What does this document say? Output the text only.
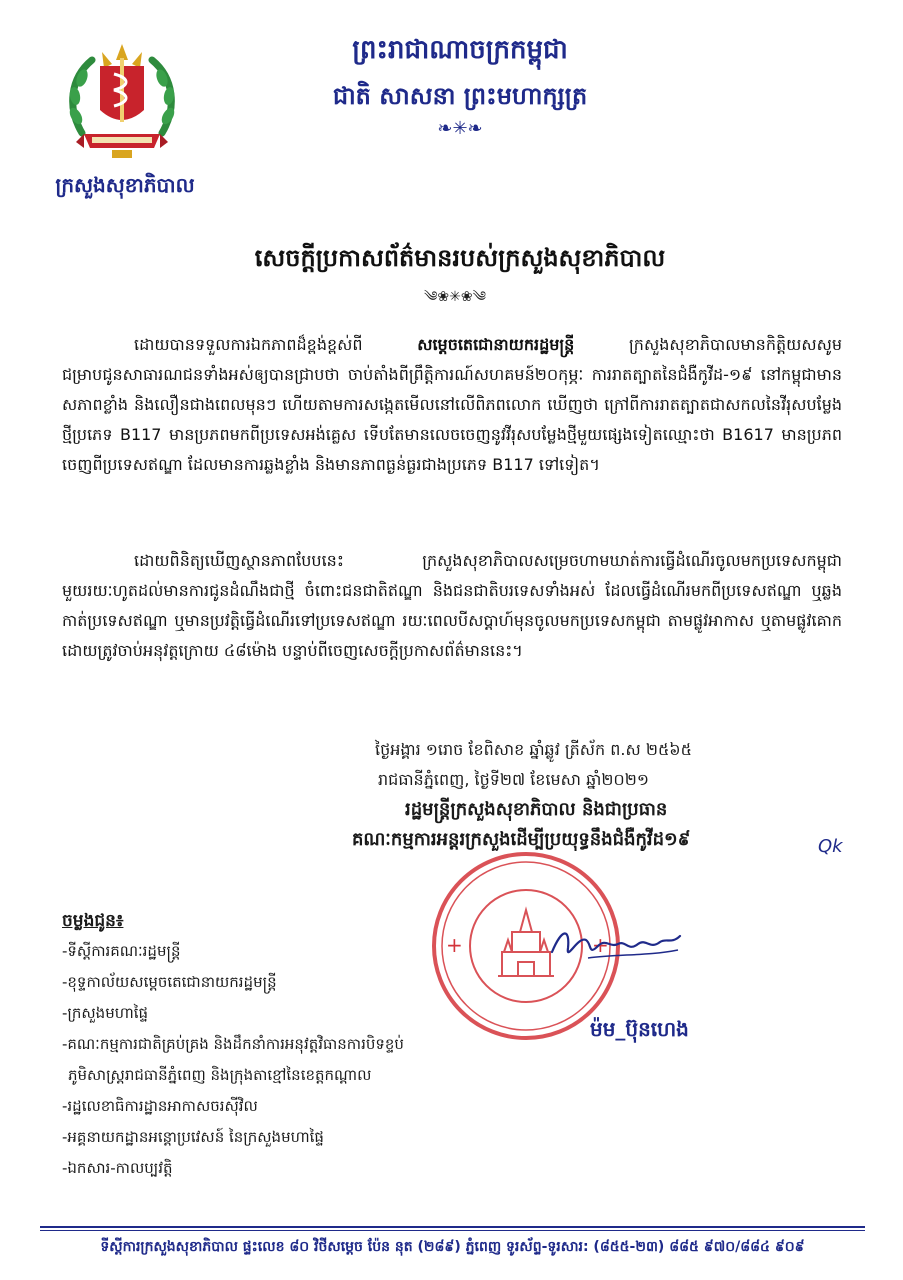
ព្រះរាជាណាចក្រកម្ពុជា
ជាតិ សាសនា ព្រះមហាក្សត្រ
❧✳❧
ក្រសួងសុខាភិបាល
សេចក្តីប្រកាសព័ត៌មានរបស់ក្រសួងសុខាភិបាល
༄❀✳❀༄
ដោយបានទទួលការឯកភាពដ៏ខ្ពង់ខ្ពស់ពី	សម្តេចតេជោនាយករដ្ឋមន្ត្រី	ក្រសួងសុខាភិបាលមានកិត្តិយសសូមជម្រាបជូនសាធារណជនទាំងអស់ឲ្យបានជ្រាបថា ចាប់តាំងពីព្រឹត្តិការណ៍សហគមន៍២០កុម្ភៈ ការរាតត្បាតនៃជំងឺកូវីដ-១៩ នៅកម្ពុជាមានសភាពខ្លាំង និងលឿនជាងពេលមុនៗ ហើយតាមការសង្កេតមើលនៅលើពិភពលោក ឃើញថា ក្រៅពីការរាតត្បាតជាសកលនៃវីរុសបម្លែងថ្មីប្រភេទ B117 មានប្រភពមកពីប្រទេសអង់គ្លេស ទើបតែមានលេចចេញនូវវីរុសបម្លែងថ្មីមួយផ្សេងទៀតឈ្មោះថា B1617 មានប្រភពចេញពីប្រទេសឥណ្ឌា ដែលមានការឆ្លងខ្លាំង និងមានភាពធ្ងន់ធ្ងរជាងប្រភេទ B117 ទៅទៀត។
ដោយពិនិត្យឃើញស្ថានភាពបែបនេះ ក្រសួងសុខាភិបាលសម្រេចហាមឃាត់ការធ្វើដំណើរចូលមកប្រទេសកម្ពុជាមួយរយៈហូតដល់មានការជូនដំណឹងជាថ្មី ចំពោះជនជាតិឥណ្ឌា និងជនជាតិបរទេសទាំងអស់ ដែលធ្វើដំណើរមកពីប្រទេសឥណ្ឌា ឬឆ្លងកាត់ប្រទេសឥណ្ឌា ឬមានប្រវត្តិធ្វើដំណើរទៅប្រទេសឥណ្ឌា រយៈពេលបីសប្តាហ៍មុនចូលមកប្រទេសកម្ពុជា តាមផ្លូវអាកាស ឬតាមផ្លូវគោក ដោយត្រូវចាប់អនុវត្តក្រោយ ៤៨ម៉ោង បន្ទាប់ពីចេញសេចក្តីប្រកាសព័ត៌មាននេះ។
ថ្ងៃអង្គារ ១រោច ខែពិសាខ ឆ្នាំឆ្លូវ ត្រីស័ក ព.ស ២៥៦៥
រាជធានីភ្នំពេញ, ថ្ងៃទី២៧ ខែមេសា ឆ្នាំ២០២១
រដ្ឋមន្ត្រីក្រសួងសុខាភិបាល និងជាប្រធាន
គណៈកម្មការអន្តរក្រសួងដើម្បីប្រយុទ្ធនឹងជំងឺកូវីដ១៩	Qk
+	+
ម៉ម_ប៊ុនហេង
ចម្លងជូន៖
-ទីស្តីការគណៈរដ្ឋមន្ត្រី
-ខុទ្ទកាល័យសម្តេចតេជោនាយករដ្ឋមន្ត្រី
-ក្រសួងមហាផ្ទៃ
-គណៈកម្មការជាតិគ្រប់គ្រង និងដឹកនាំការអនុវត្តវិធានការបិទខ្ទប់
ភូមិសាស្ត្ររាជធានីភ្នំពេញ និងក្រុងតាខ្មៅនៃខេត្តកណ្តាល
-រដ្ឋលេខាធិការដ្ឋានអាកាសចរស៊ីវិល
-អគ្គនាយកដ្ឋានអន្តោប្រវេសន៍ នៃក្រសួងមហាផ្ទៃ
-ឯកសារ-កាលប្បវត្តិ
ទីស្តីការក្រសួងសុខាភិបាល ផ្ទះលេខ ៨០ វិថីសម្តេច ប៉ែន នុត (២៨៩) ភ្នំពេញ ទូរស័ព្ទ-ទូរសារ: (៨៥៥-២៣) ៨៨៥ ៩៧០/៨៨៤ ៩០៩
